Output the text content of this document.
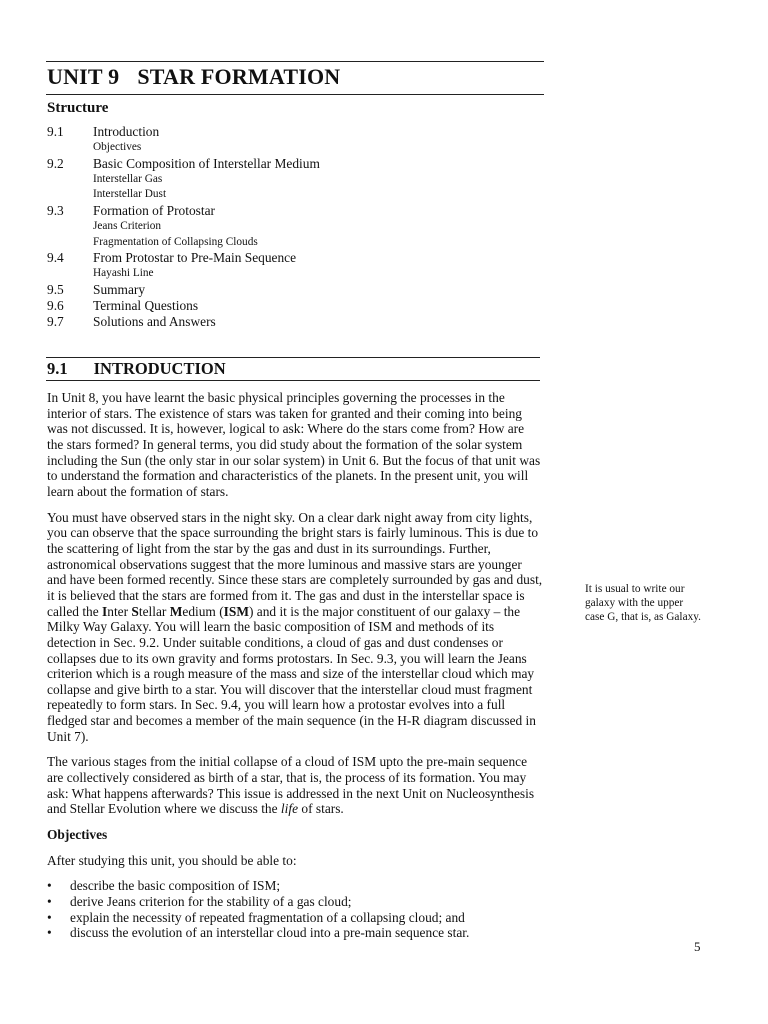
UNIT 9 STAR FORMATION
Structure
9.1	Introduction
Objectives
9.2	Basic Composition of Interstellar Medium
Interstellar Gas
Interstellar Dust
9.3	Formation of Protostar
Jeans Criterion
Fragmentation of Collapsing Clouds
9.4	From Protostar to Pre-Main Sequence
Hayashi Line
9.5	Summary
9.6	Terminal Questions
9.7	Solutions and Answers
9.1 INTRODUCTION

In Unit 8, you have learnt the basic physical principles governing the processes in the interior of stars. The existence of stars was taken for granted and their coming into being was not discussed. It is, however, logical to ask: Where do the stars come from? How are the stars formed? In general terms, you did study about the formation of the solar system including the Sun (the only star in our solar system) in Unit 6. But the focus of that unit was to understand the formation and characteristics of the planets. In the present unit, you will learn about the formation of stars.

You must have observed stars in the night sky. On a clear dark night away from city lights, you can observe that the space surrounding the bright stars is fairly luminous. This is due to the scattering of light from the star by the gas and dust in its surroundings. Further, astronomical observations suggest that the more luminous and massive stars are younger and have been formed recently. Since these stars are completely surrounded by gas and dust, it is believed that the stars are formed from it. The gas and dust in the interstellar space is called the Inter Stellar Medium (ISM) and it is the major constituent of our galaxy – the Milky Way Galaxy. You will learn the basic composition of ISM and methods of its detection in Sec. 9.2. Under suitable conditions, a cloud of gas and dust condenses or collapses due to its own gravity and forms protostars. In Sec. 9.3, you will learn the Jeans criterion which is a rough measure of the mass and size of the interstellar cloud which may collapse and give birth to a star. You will discover that the interstellar cloud must fragment repeatedly to form stars. In Sec. 9.4, you will learn how a protostar evolves into a full fledged star and becomes a member of the main sequence (in the H-R diagram discussed in Unit 7).

The various stages from the initial collapse of a cloud of ISM upto the pre-main sequence are collectively considered as birth of a star, that is, the process of its formation. You may ask: What happens afterwards? This issue is addressed in the next Unit on Nucleosynthesis and Stellar Evolution where we discuss the life of stars.

Objectives

After studying this unit, you should be able to:

• describe the basic composition of ISM;
• derive Jeans criterion for the stability of a gas cloud;
• explain the necessity of repeated fragmentation of a collapsing cloud; and
• discuss the evolution of an interstellar cloud into a pre-main sequence star.
It is usual to write our galaxy with the upper case G, that is, as Galaxy.
5
